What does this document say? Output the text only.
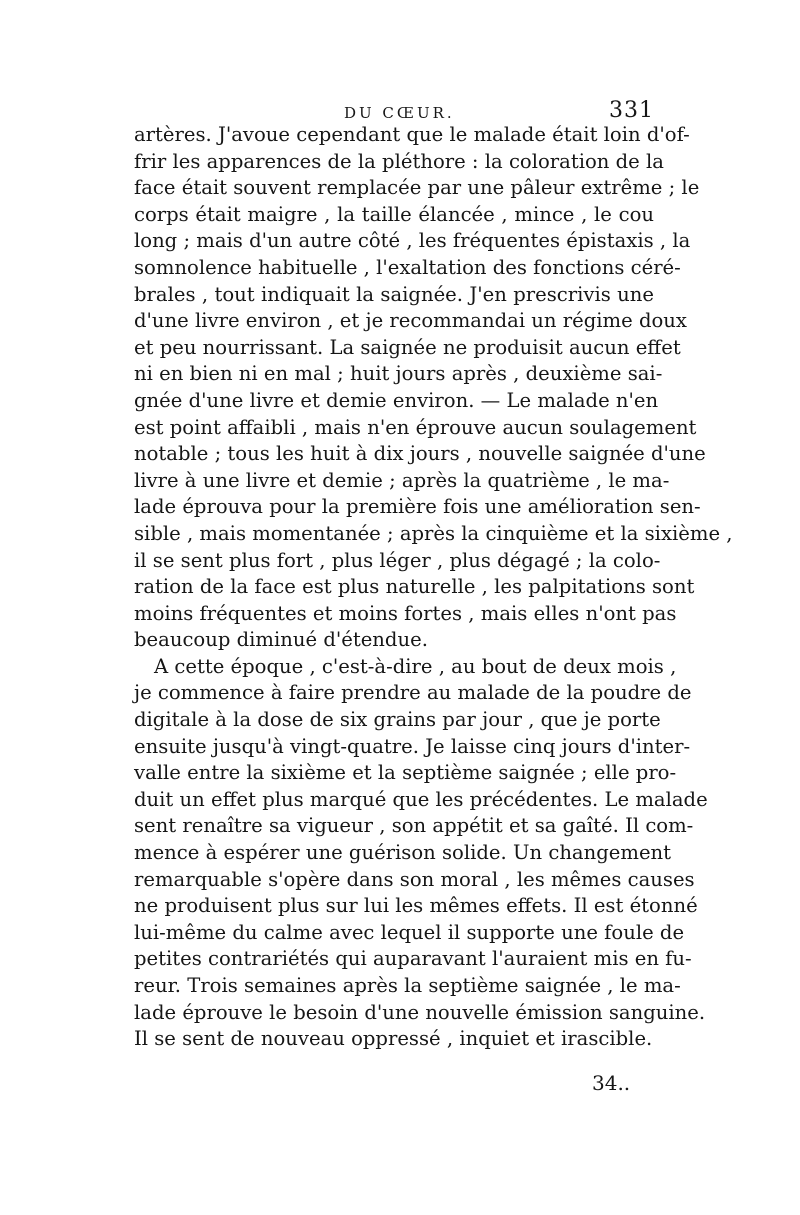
DU CŒUR.	331
artères. J'avoue cependant que le malade était loin d'of-
frir les apparences de la pléthore : la coloration de la
face était souvent remplacée par une pâleur extrême ; le
corps était maigre , la taille élancée , mince , le cou
long ; mais d'un autre côté , les fréquentes épistaxis , la
somnolence habituelle , l'exaltation des fonctions céré-
brales , tout indiquait la saignée. J'en prescrivis une
d'une livre environ , et je recommandai un régime doux
et peu nourrissant. La saignée ne produisit aucun effet
ni en bien ni en mal ; huit jours après , deuxième sai-
gnée d'une livre et demie environ. — Le malade n'en
est point affaibli , mais n'en éprouve aucun soulagement
notable ; tous les huit à dix jours , nouvelle saignée d'une
livre à une livre et demie ; après la quatrième , le ma-
lade éprouva pour la première fois une amélioration sen-
sible , mais momentanée ; après la cinquième et la sixième ,
il se sent plus fort , plus léger , plus dégagé ; la colo-
ration de la face est plus naturelle , les palpitations sont
moins fréquentes et moins fortes , mais elles n'ont pas
beaucoup diminué d'étendue.
A cette époque , c'est-à-dire , au bout de deux mois ,
je commence à faire prendre au malade de la poudre de
digitale à la dose de six grains par jour , que je porte
ensuite jusqu'à vingt-quatre. Je laisse cinq jours d'inter-
valle entre la sixième et la septième saignée ; elle pro-
duit un effet plus marqué que les précédentes. Le malade
sent renaître sa vigueur , son appétit et sa gaîté. Il com-
mence à espérer une guérison solide. Un changement
remarquable s'opère dans son moral , les mêmes causes
ne produisent plus sur lui les mêmes effets. Il est étonné
lui-même du calme avec lequel il supporte une foule de
petites contrariétés qui auparavant l'auraient mis en fu-
reur. Trois semaines après la septième saignée , le ma-
lade éprouve le besoin d'une nouvelle émission sanguine.
Il se sent de nouveau oppressé , inquiet et irascible.
34..
